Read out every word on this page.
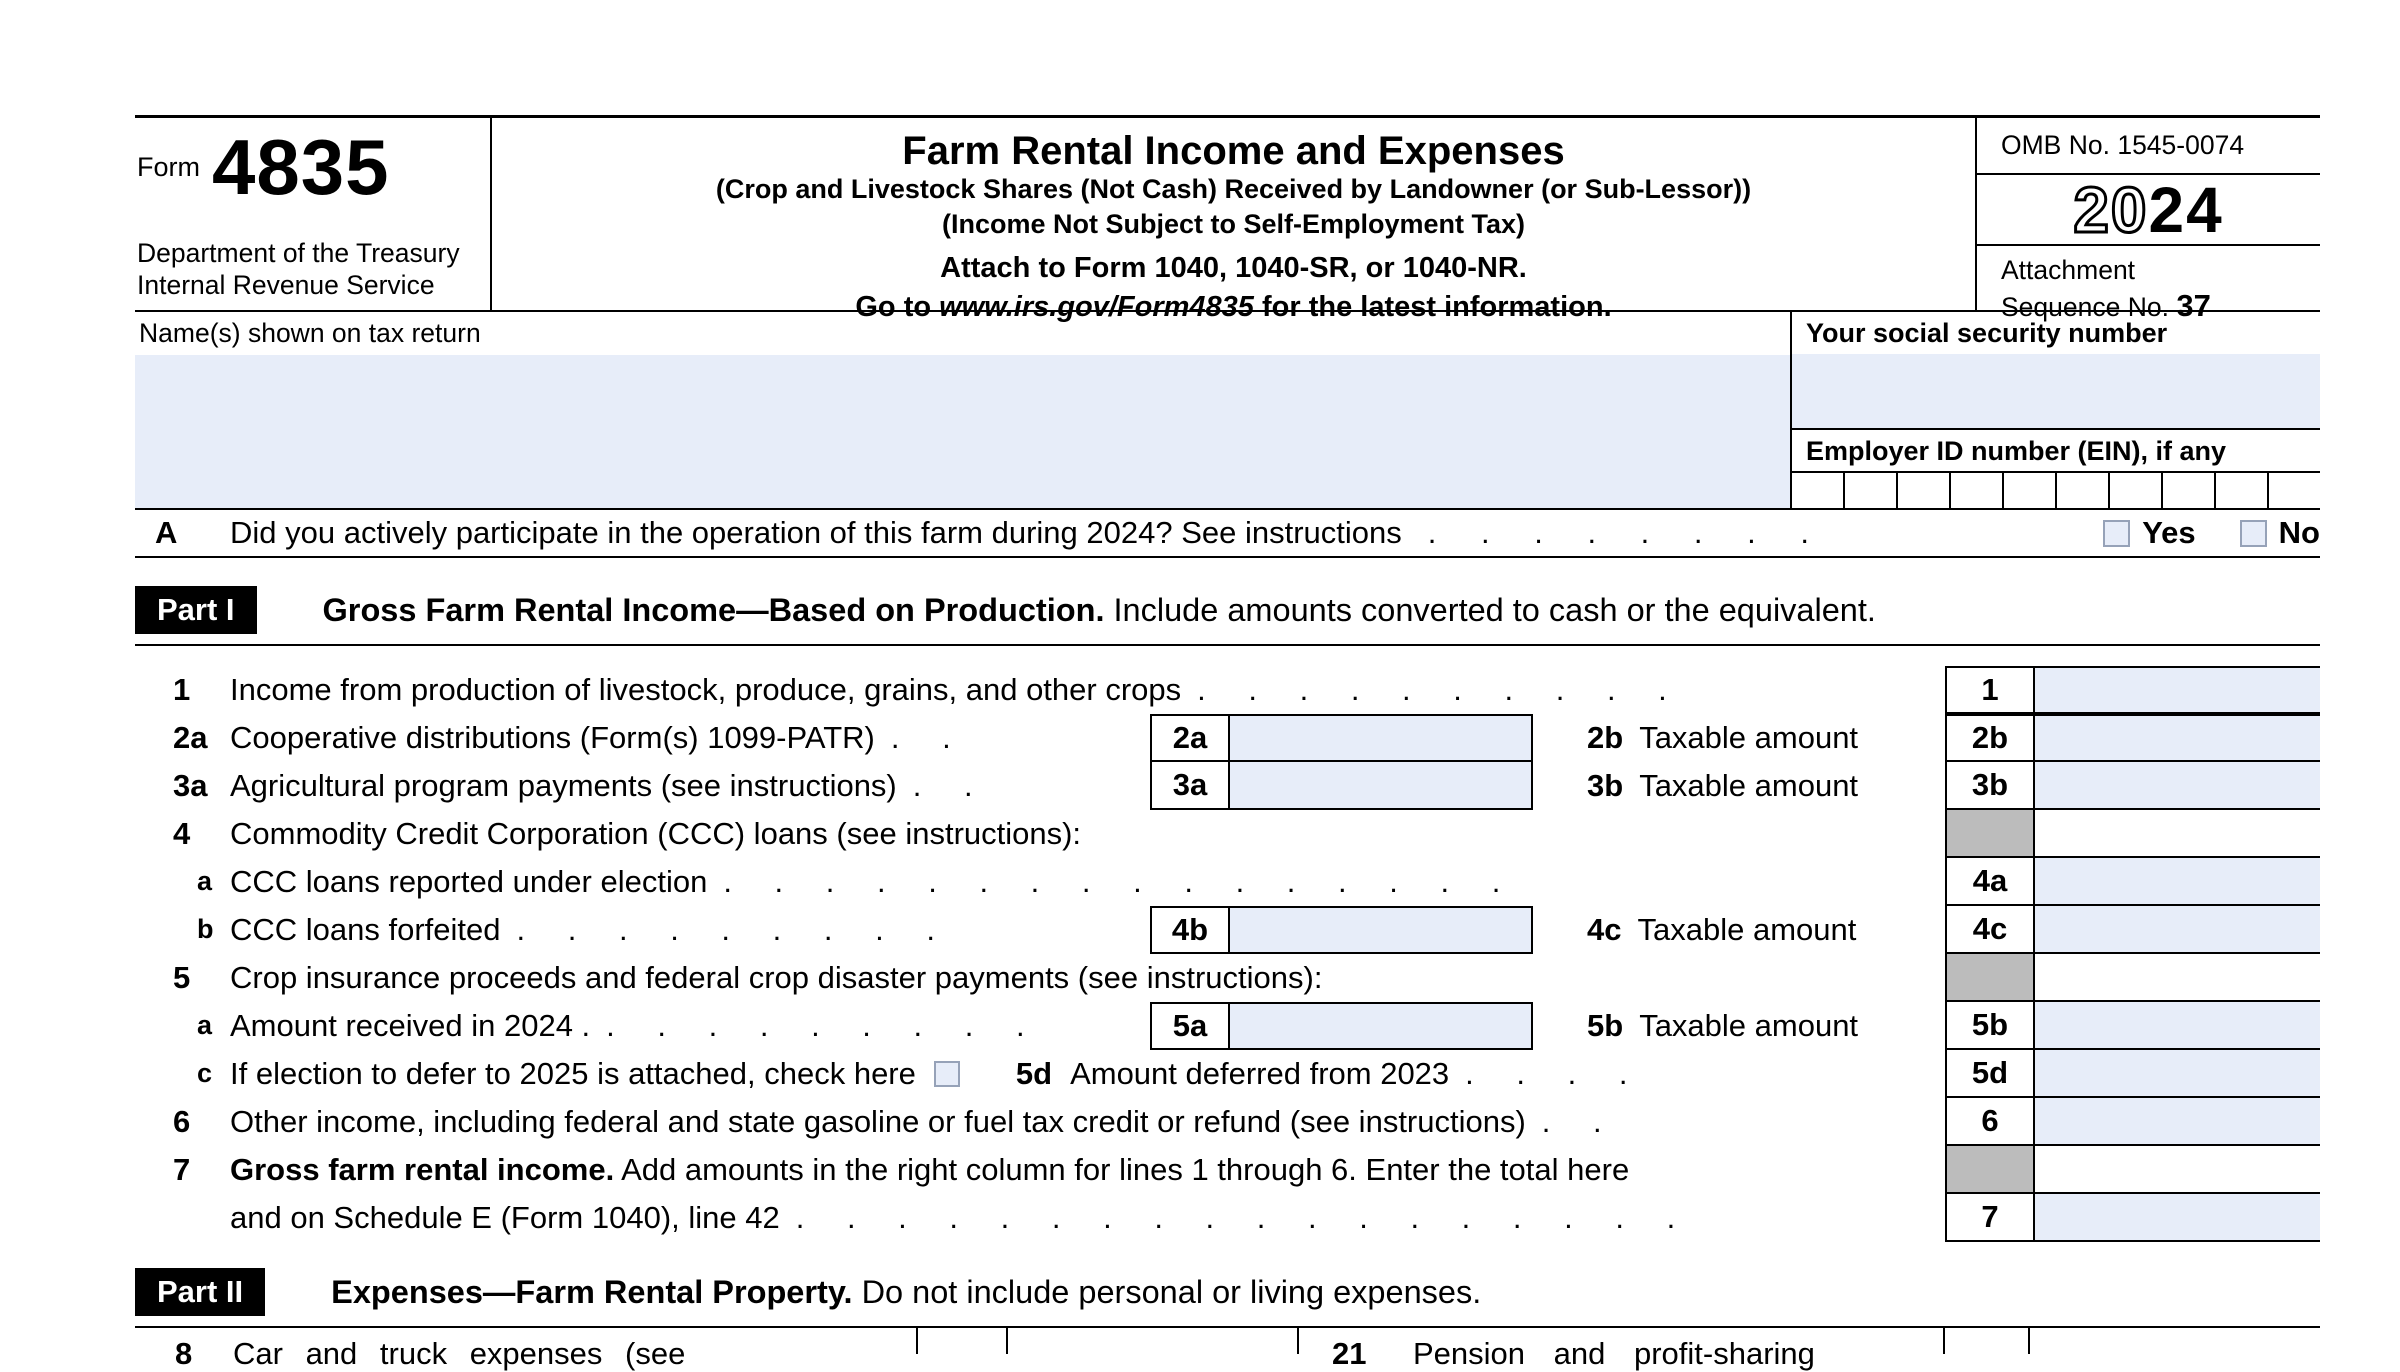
Form 4835
Department of the Treasury
Internal Revenue Service
Farm Rental Income and Expenses
(Crop and Livestock Shares (Not Cash) Received by Landowner (or Sub-Lessor))
(Income Not Subject to Self-Employment Tax)
Attach to Form 1040, 1040-SR, or 1040-NR.
Go to www.irs.gov/Form4835 for the latest information.
OMB No. 1545-0074
2024
Attachment
Sequence No. 37
Name(s) shown on tax return	Your social security number
Employer ID number (EIN), if any
A	Did you actively participate in the operation of this farm during 2024? See instructions . . . . . . . .	Yes	No
Part I	Gross Farm Rental Income—Based on Production. Include amounts converted to cash or the equivalent.
1	Income from production of livestock, produce, grains, and other crops . . . . . . . . . .	1
2a Cooperative distributions (Form(s) 1099-PATR) . .	2a	2b Taxable amount	2b
3a Agricultural program payments (see instructions) . .	3a	3b Taxable amount	3b
4	Commodity Credit Corporation (CCC) loans (see instructions):
a CCC loans reported under election . . . . . . . . . . . . . . . .	4a
b CCC loans forfeited . . . . . . . . .	4b	4c Taxable amount	4c
5	Crop insurance proceeds and federal crop disaster payments (see instructions):
a Amount received in 2024 . . . . . . . . . .	5a	5b Taxable amount	5b
c If election to defer to 2025 is attached, check here	5d Amount deferred from 2023 . . . .	5d
6	Other income, including federal and state gasoline or fuel tax credit or refund (see instructions) . .	6
7	Gross farm rental income. Add amounts in the right column for lines 1 through 6. Enter the total here
and on Schedule E (Form 1040), line 42 . . . . . . . . . . . . . . . . . .	7
Part II	Expenses—Farm Rental Property. Do not include personal or living expenses.
8 Car and truck expenses (see	21 Pension and profit-sharing
